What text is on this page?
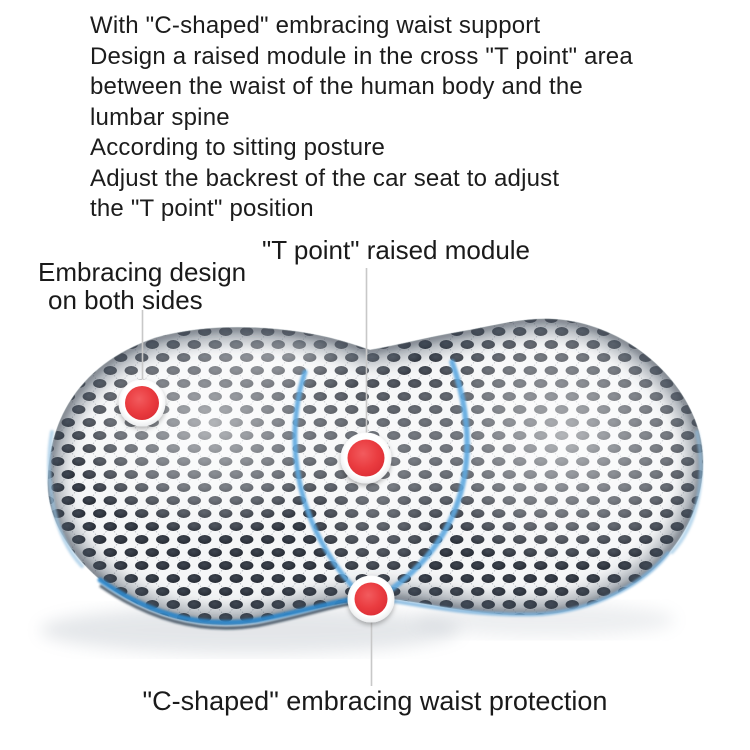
With "C-shaped" embracing waist support
Design a raised module in the cross "T point" area
between the waist of the human body and the
lumbar spine
According to sitting posture
Adjust the backrest of the car seat to adjust
the "T point" position
"T point" raised module
Embracing design
on both sides
"C-shaped" embracing waist protection
